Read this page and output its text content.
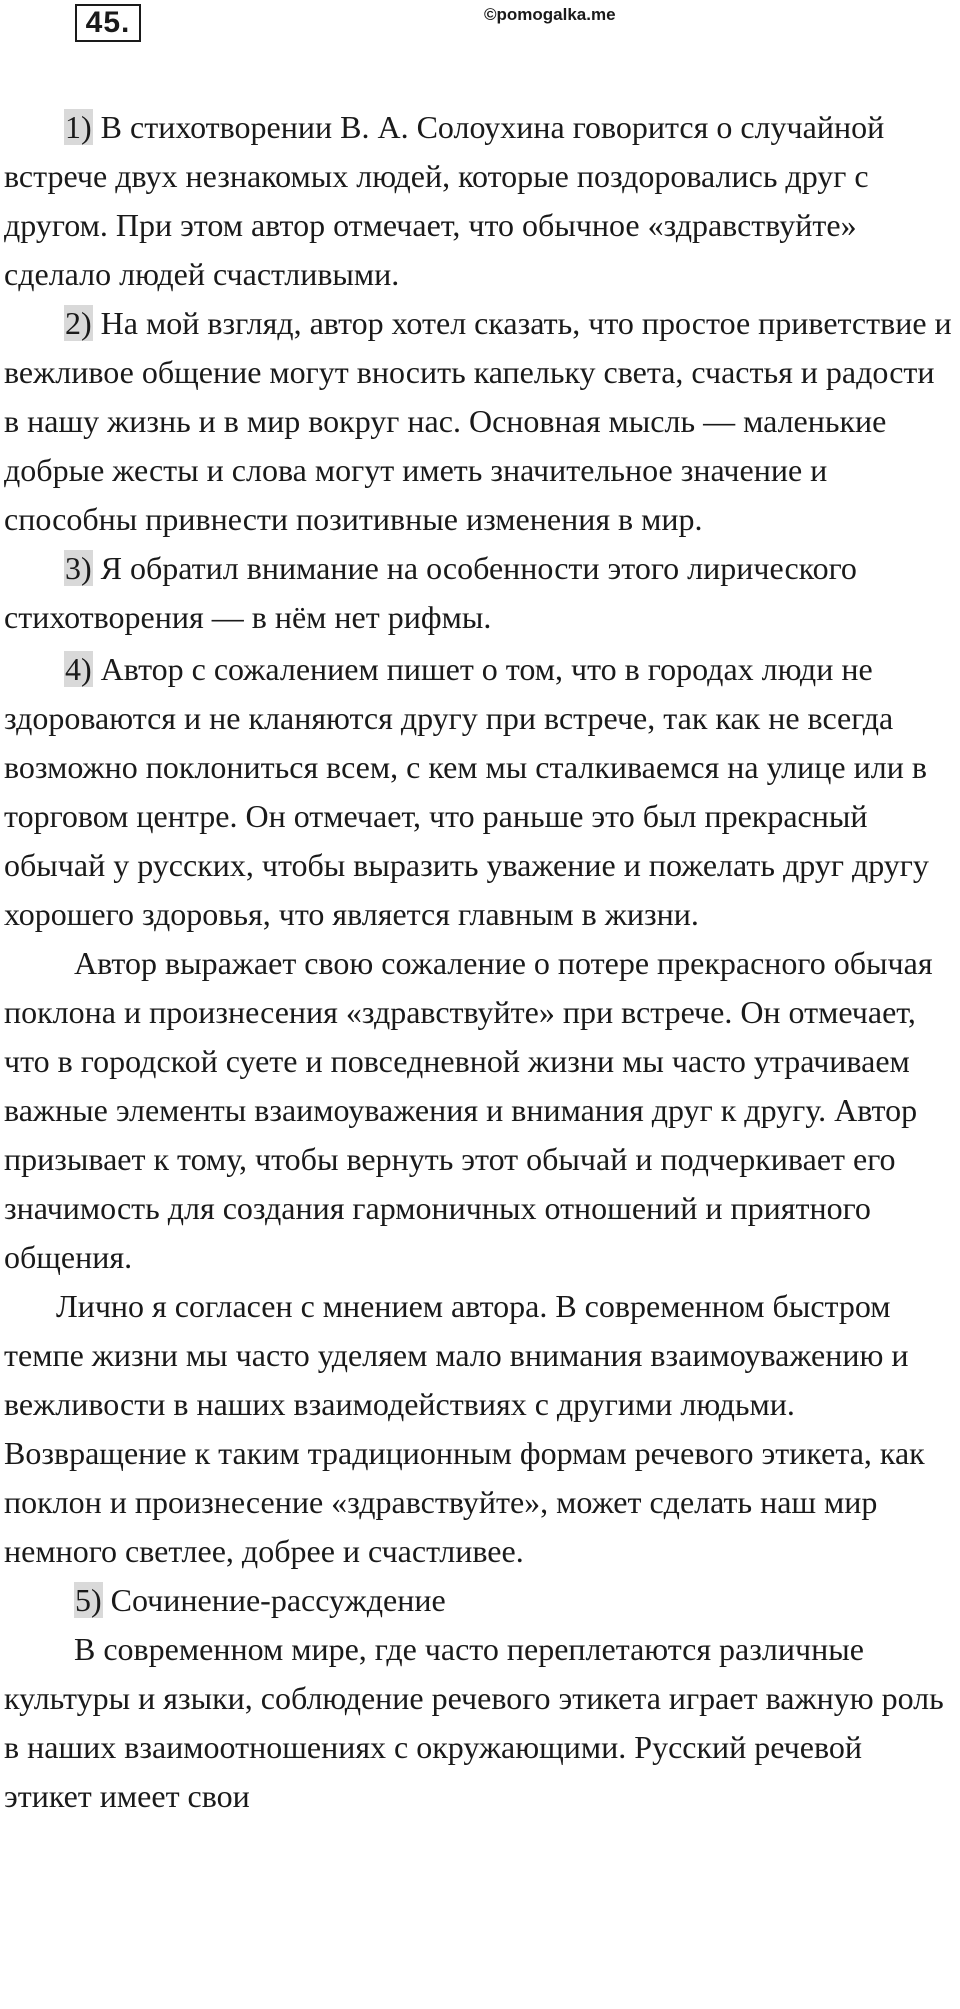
45.	©pomogalka.me

1) В стихотворении В. А. Солоухина говорится о случайной встрече двух незнакомых людей, которые поздоровались друг с другом. При этом автор отмечает, что обычное «здравствуйте» сделало людей счастливыми.

2) На мой взгляд, автор хотел сказать, что простое приветствие и вежливое общение могут вносить капельку света, счастья и радости в нашу жизнь и в мир вокруг нас. Основная мысль — маленькие добрые жесты и слова могут иметь значительное значение и способны привнести позитивные изменения в мир.

3) Я обратил внимание на особенности этого лирического стихотворения — в нём нет рифмы.

4) Автор с сожалением пишет о том, что в городах люди не здороваются и не кланяются другу при встрече, так как не всегда возможно поклониться всем, с кем мы сталкиваемся на улице или в торговом центре. Он отмечает, что раньше это был прекрасный обычай у русских, чтобы выразить уважение и пожелать друг другу хорошего здоровья, что является главным в жизни.

Автор выражает свою сожаление о потере прекрасного обычая поклона и произнесения «здравствуйте» при встрече. Он отмечает, что в городской суете и повседневной жизни мы часто утрачиваем важные элементы взаимоуважения и внимания друг к другу. Автор призывает к тому, чтобы вернуть этот обычай и подчеркивает его значимость для создания гармоничных отношений и приятного общения.

Лично я согласен с мнением автора. В современном быстром темпе жизни мы часто уделяем мало внимания взаимоуважению и вежливости в наших взаимодействиях с другими людьми. Возвращение к таким традиционным формам речевого этикета, как поклон и произнесение «здравствуйте», может сделать наш мир немного светлее, добрее и счастливее.

5) Сочинение-рассуждение

В современном мире, где часто переплетаются различные культуры и языки, соблюдение речевого этикета играет важную роль в наших взаимоотношениях с окружающими. Русский речевой этикет имеет свои
